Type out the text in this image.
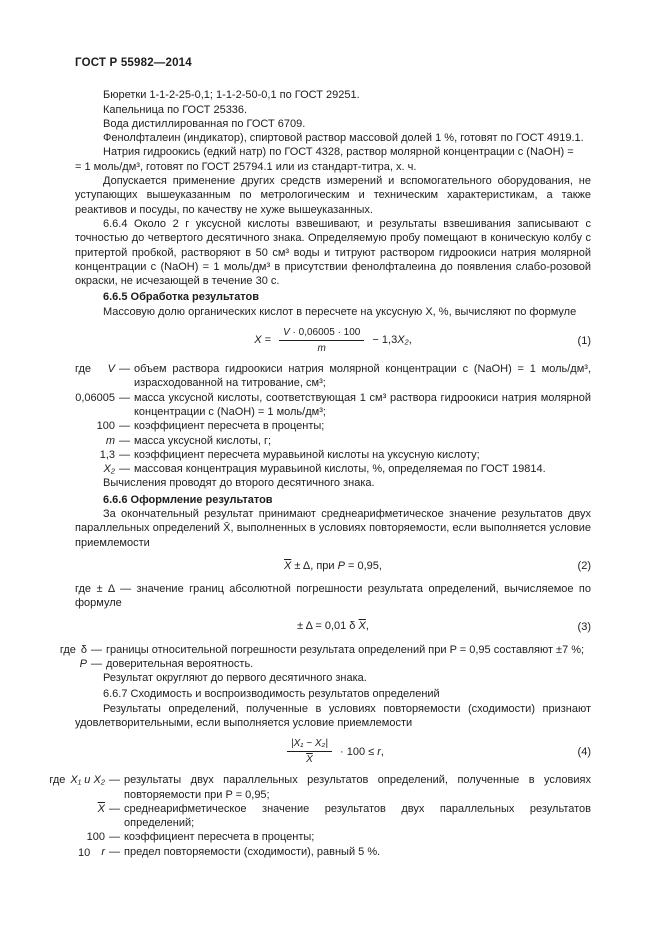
ГОСТ Р 55982—2014

Бюретки 1-1-2-25-0,1; 1-1-2-50-0,1 по ГОСТ 29251.

Капельница по ГОСТ 25336.

Вода дистиллированная по ГОСТ 6709.

Фенолфталеин (индикатор), спиртовой раствор массовой долей 1 %, готовят по ГОСТ 4919.1.

Натрия гидроокись (едкий натр) по ГОСТ 4328, раствор молярной концентрации c (NaOH) =
= 1 моль/дм³, готовят по ГОСТ 25794.1 или из стандарт-титра, х. ч.

Допускается применение других средств измерений и вспомогательного оборудования, не уступающих вышеуказанным по метрологическим и техническим характеристикам, а также реактивов и посуды, по качеству не хуже вышеуказанных.

6.6.4 Около 2 г уксусной кислоты взвешивают, и результаты взвешивания записывают с точностью до четвертого десятичного знака. Определяемую пробу помещают в коническую колбу с притертой пробкой, растворяют в 50 см³ воды и титруют раствором гидроокиси натрия молярной концентрации c (NaOH) = 1 моль/дм³ в присутствии фенолфталеина до появления слабо-розовой окраски, не исчезающей в течение 30 с.

6.6.5 Обработка результатов

Массовую долю органических кислот в пересчете на уксусную X, %, вычисляют по формуле

$X = \frac{V \cdot 0,06005 \cdot 100}{m} - 1,3$ X₂ ,	(1)
где V — объем раствора гидроокиси натрия молярной концентрации c (NaOH) = 1 моль/дм³, израсходованной на титрование, см³;
0,06005 — масса уксусной кислоты, соответствующая 1 см³ раствора гидроокиси натрия молярной концентрации c (NaOH) = 1 моль/дм³;
100 — коэффициент пересчета в проценты;
m — масса уксусной кислоты, г;
1,3 — коэффициент пересчета муравьиной кислоты на уксусную кислоту;
X₂ — массовая концентрация муравьиной кислоты, %, определяемая по ГОСТ 19814.

Вычисления проводят до второго десятичного знака.

6.6.6 Оформление результатов

За окончательный результат принимают среднеарифметическое значение результатов двух параллельных определений X̄, выполненных в условиях повторяемости, если выполняется условие приемлемости

$\overline{X} \pm \Delta$, при P = 0,95,	(2)

где ± Δ — значение границ абсолютной погрешности результата определений, вычисляемое по формуле

± Δ = 0,01 δ $\overline{X}$ ,	(3)
где δ — границы относительной погрешности результата определений при P = 0,95 составляют ±7 %;
P — доверительная вероятность.

Результат округляют до первого десятичного знака.

6.6.7 Сходимость и воспроизводимость результатов определений

Результаты определений, полученные в условиях повторяемости (сходимости) признают удовлетворительными, если выполняется условие приемлемости

$\frac{\text{|X₁ − X₂|}}{X} \cdot 100 \le r$ ,	(4)
где X₁ и X₂ — результаты двух параллельных результатов определений, полученные в условиях повторяемости при P = 0,95;
$\overline{X}$ — среднеарифметическое значение результатов двух параллельных результатов определений;
100 — коэффициент пересчета в проценты;
r — предел повторяемости (сходимости), равный 5 %.
10
